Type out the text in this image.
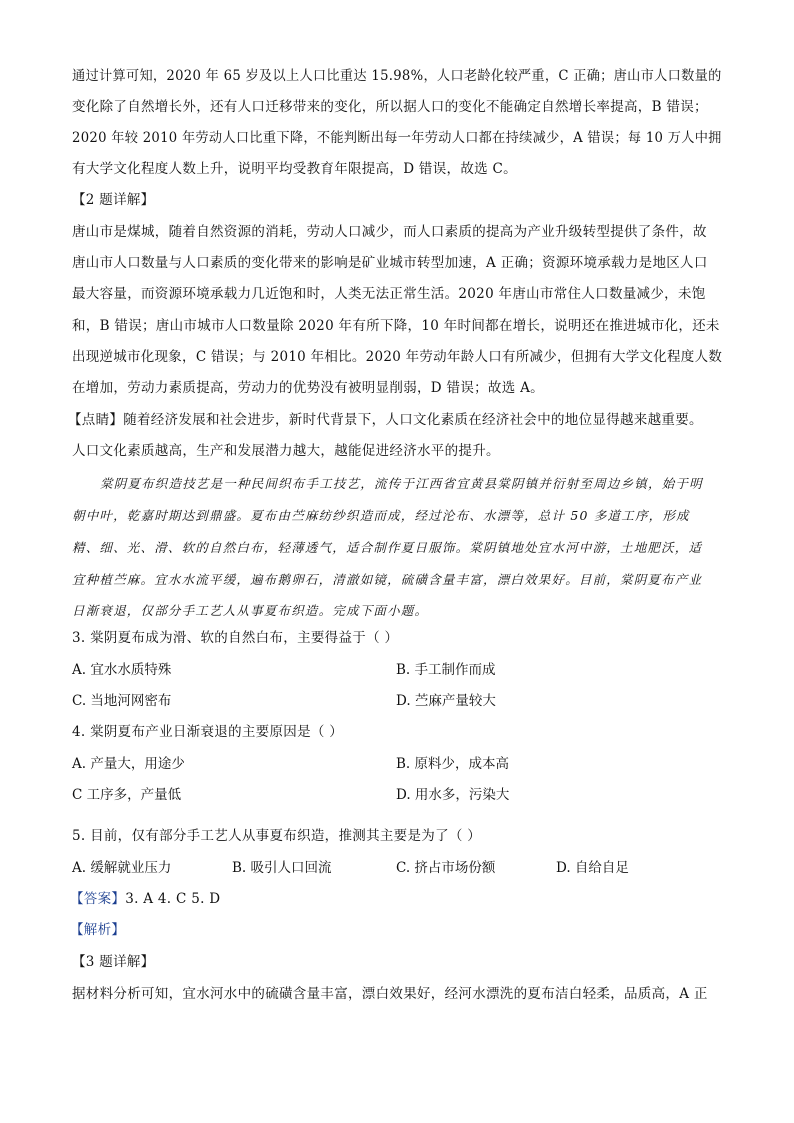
通过计算可知，2020 年 65 岁及以上人口比重达 15.98%，人口老龄化较严重，C 正确；唐山市人口数量的
变化除了自然增长外，还有人口迁移带来的变化，所以据人口的变化不能确定自然增长率提高，B 错误；
2020 年较 2010 年劳动人口比重下降，不能判断出每一年劳动人口都在持续减少，A 错误；每 10 万人中拥
有大学文化程度人数上升，说明平均受教育年限提高，D 错误，故选 C。
【2 题详解】
唐山市是煤城，随着自然资源的消耗，劳动人口减少，而人口素质的提高为产业升级转型提供了条件，故
唐山市人口数量与人口素质的变化带来的影响是矿业城市转型加速，A 正确；资源环境承载力是地区人口
最大容量，而资源环境承载力几近饱和时，人类无法正常生活。2020 年唐山市常住人口数量减少，未饱
和，B 错误；唐山市城市人口数量除 2020 年有所下降，10 年时间都在增长，说明还在推进城市化，还未
出现逆城市化现象，C 错误；与 2010 年相比。2020 年劳动年龄人口有所减少，但拥有大学文化程度人数
在增加，劳动力素质提高，劳动力的优势没有被明显削弱，D 错误；故选 A。
【点睛】随着经济发展和社会进步，新时代背景下，人口文化素质在经济社会中的地位显得越来越重要。
人口文化素质越高，生产和发展潜力越大，越能促进经济水平的提升。
棠阴夏布织造技艺是一种民间织布手工技艺，流传于江西省宜黄县棠阴镇并衍射至周边乡镇，始于明
朝中叶，乾嘉时期达到鼎盛。夏布由苎麻纺纱织造而成，经过沦布、水漂等，总计 50 多道工序，形成
精、细、光、滑、软的自然白布，轻薄透气，适合制作夏日服饰。棠阴镇地处宜水河中游，土地肥沃，适
宜种植苎麻。宜水水流平缓，遍布鹅卵石，清澈如镜，硫磺含量丰富，漂白效果好。目前，棠阴夏布产业
日渐衰退，仅部分手工艺人从事夏布织造。完成下面小题。
3. 棠阴夏布成为滑、软的自然白布，主要得益于（ ）
A. 宜水水质特殊	B. 手工制作而成
C. 当地河网密布	D. 苎麻产量较大
4. 棠阴夏布产业日渐衰退的主要原因是（ ）
A. 产量大，用途少	B. 原料少，成本高
C 工序多，产量低	D. 用水多，污染大
5. 目前，仅有部分手工艺人从事夏布织造，推测其主要是为了（ ）
A. 缓解就业压力	B. 吸引人口回流	C. 挤占市场份额	D. 自给自足
【答案】3. A 4. C 5. D
【解析】
【3 题详解】
据材料分析可知，宜水河水中的硫磺含量丰富，漂白效果好，经河水漂洗的夏布洁白轻柔，品质高，A 正
